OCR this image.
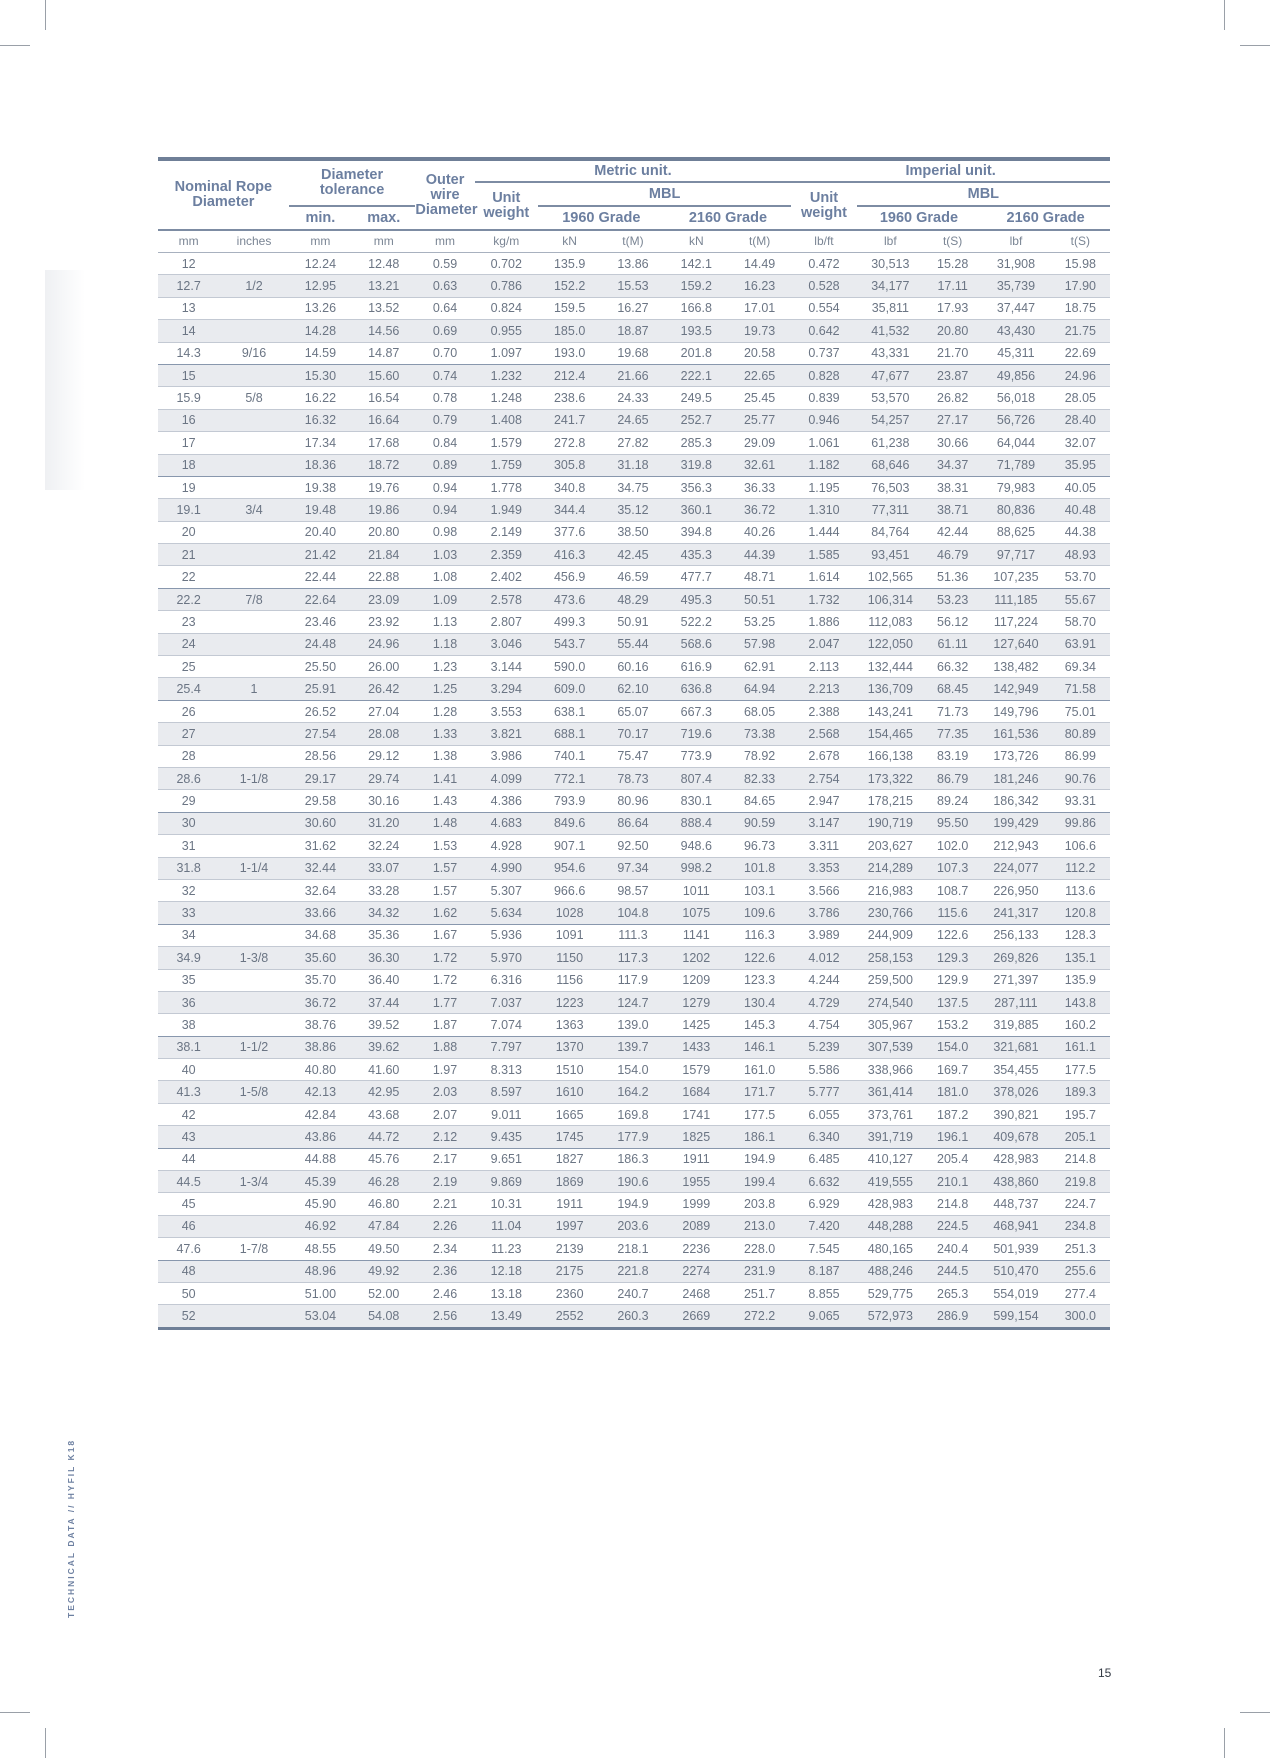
Nominal Rope Diameter		Diameter tolerance		Outer wire Diameter	Metric unit.					Imperial unit.				
					Unit weight	MBL				Unit weight	MBL			
		min.	max.			1960 Grade		2160 Grade			1960 Grade		2160 Grade	
mm	inches	mm	mm	mm	kg/m	kN	t(M)	kN	t(M)	lb/ft	lbf	t(S)	lbf	t(S)
12		12.24	12.48	0.59	0.702	135.9	13.86	142.1	14.49	0.472	30,513	15.28	31,908	15.98
12.7	1/2	12.95	13.21	0.63	0.786	152.2	15.53	159.2	16.23	0.528	34,177	17.11	35,739	17.90
13		13.26	13.52	0.64	0.824	159.5	16.27	166.8	17.01	0.554	35,811	17.93	37,447	18.75
14		14.28	14.56	0.69	0.955	185.0	18.87	193.5	19.73	0.642	41,532	20.80	43,430	21.75
14.3	9/16	14.59	14.87	0.70	1.097	193.0	19.68	201.8	20.58	0.737	43,331	21.70	45,311	22.69
15		15.30	15.60	0.74	1.232	212.4	21.66	222.1	22.65	0.828	47,677	23.87	49,856	24.96
15.9	5/8	16.22	16.54	0.78	1.248	238.6	24.33	249.5	25.45	0.839	53,570	26.82	56,018	28.05
16		16.32	16.64	0.79	1.408	241.7	24.65	252.7	25.77	0.946	54,257	27.17	56,726	28.40
17		17.34	17.68	0.84	1.579	272.8	27.82	285.3	29.09	1.061	61,238	30.66	64,044	32.07
18		18.36	18.72	0.89	1.759	305.8	31.18	319.8	32.61	1.182	68,646	34.37	71,789	35.95
19		19.38	19.76	0.94	1.778	340.8	34.75	356.3	36.33	1.195	76,503	38.31	79,983	40.05
19.1	3/4	19.48	19.86	0.94	1.949	344.4	35.12	360.1	36.72	1.310	77,311	38.71	80,836	40.48
20		20.40	20.80	0.98	2.149	377.6	38.50	394.8	40.26	1.444	84,764	42.44	88,625	44.38
21		21.42	21.84	1.03	2.359	416.3	42.45	435.3	44.39	1.585	93,451	46.79	97,717	48.93
22		22.44	22.88	1.08	2.402	456.9	46.59	477.7	48.71	1.614	102,565	51.36	107,235	53.70
22.2	7/8	22.64	23.09	1.09	2.578	473.6	48.29	495.3	50.51	1.732	106,314	53.23	111,185	55.67
23		23.46	23.92	1.13	2.807	499.3	50.91	522.2	53.25	1.886	112,083	56.12	117,224	58.70
24		24.48	24.96	1.18	3.046	543.7	55.44	568.6	57.98	2.047	122,050	61.11	127,640	63.91
25		25.50	26.00	1.23	3.144	590.0	60.16	616.9	62.91	2.113	132,444	66.32	138,482	69.34
25.4	1	25.91	26.42	1.25	3.294	609.0	62.10	636.8	64.94	2.213	136,709	68.45	142,949	71.58
26		26.52	27.04	1.28	3.553	638.1	65.07	667.3	68.05	2.388	143,241	71.73	149,796	75.01
27		27.54	28.08	1.33	3.821	688.1	70.17	719.6	73.38	2.568	154,465	77.35	161,536	80.89
28		28.56	29.12	1.38	3.986	740.1	75.47	773.9	78.92	2.678	166,138	83.19	173,726	86.99
28.6	1-1/8	29.17	29.74	1.41	4.099	772.1	78.73	807.4	82.33	2.754	173,322	86.79	181,246	90.76
29		29.58	30.16	1.43	4.386	793.9	80.96	830.1	84.65	2.947	178,215	89.24	186,342	93.31
30		30.60	31.20	1.48	4.683	849.6	86.64	888.4	90.59	3.147	190,719	95.50	199,429	99.86
31		31.62	32.24	1.53	4.928	907.1	92.50	948.6	96.73	3.311	203,627	102.0	212,943	106.6
31.8	1-1/4	32.44	33.07	1.57	4.990	954.6	97.34	998.2	101.8	3.353	214,289	107.3	224,077	112.2
32		32.64	33.28	1.57	5.307	966.6	98.57	1011	103.1	3.566	216,983	108.7	226,950	113.6
33		33.66	34.32	1.62	5.634	1028	104.8	1075	109.6	3.786	230,766	115.6	241,317	120.8
34		34.68	35.36	1.67	5.936	1091	111.3	1141	116.3	3.989	244,909	122.6	256,133	128.3
34.9	1-3/8	35.60	36.30	1.72	5.970	1150	117.3	1202	122.6	4.012	258,153	129.3	269,826	135.1
35		35.70	36.40	1.72	6.316	1156	117.9	1209	123.3	4.244	259,500	129.9	271,397	135.9
36		36.72	37.44	1.77	7.037	1223	124.7	1279	130.4	4.729	274,540	137.5	287,111	143.8
38		38.76	39.52	1.87	7.074	1363	139.0	1425	145.3	4.754	305,967	153.2	319,885	160.2
38.1	1-1/2	38.86	39.62	1.88	7.797	1370	139.7	1433	146.1	5.239	307,539	154.0	321,681	161.1
40		40.80	41.60	1.97	8.313	1510	154.0	1579	161.0	5.586	338,966	169.7	354,455	177.5
41.3	1-5/8	42.13	42.95	2.03	8.597	1610	164.2	1684	171.7	5.777	361,414	181.0	378,026	189.3
42		42.84	43.68	2.07	9.011	1665	169.8	1741	177.5	6.055	373,761	187.2	390,821	195.7
43		43.86	44.72	2.12	9.435	1745	177.9	1825	186.1	6.340	391,719	196.1	409,678	205.1
44		44.88	45.76	2.17	9.651	1827	186.3	1911	194.9	6.485	410,127	205.4	428,983	214.8
44.5	1-3/4	45.39	46.28	2.19	9.869	1869	190.6	1955	199.4	6.632	419,555	210.1	438,860	219.8
45		45.90	46.80	2.21	10.31	1911	194.9	1999	203.8	6.929	428,983	214.8	448,737	224.7
46		46.92	47.84	2.26	11.04	1997	203.6	2089	213.0	7.420	448,288	224.5	468,941	234.8
47.6	1-7/8	48.55	49.50	2.34	11.23	2139	218.1	2236	228.0	7.545	480,165	240.4	501,939	251.3
48		48.96	49.92	2.36	12.18	2175	221.8	2274	231.9	8.187	488,246	244.5	510,470	255.6
50		51.00	52.00	2.46	13.18	2360	240.7	2468	251.7	8.855	529,775	265.3	554,019	277.4
52		53.04	54.08	2.56	13.49	2552	260.3	2669	272.2	9.065	572,973	286.9	599,154	300.0
TECHNICAL DATA // HYFIL K18
15
